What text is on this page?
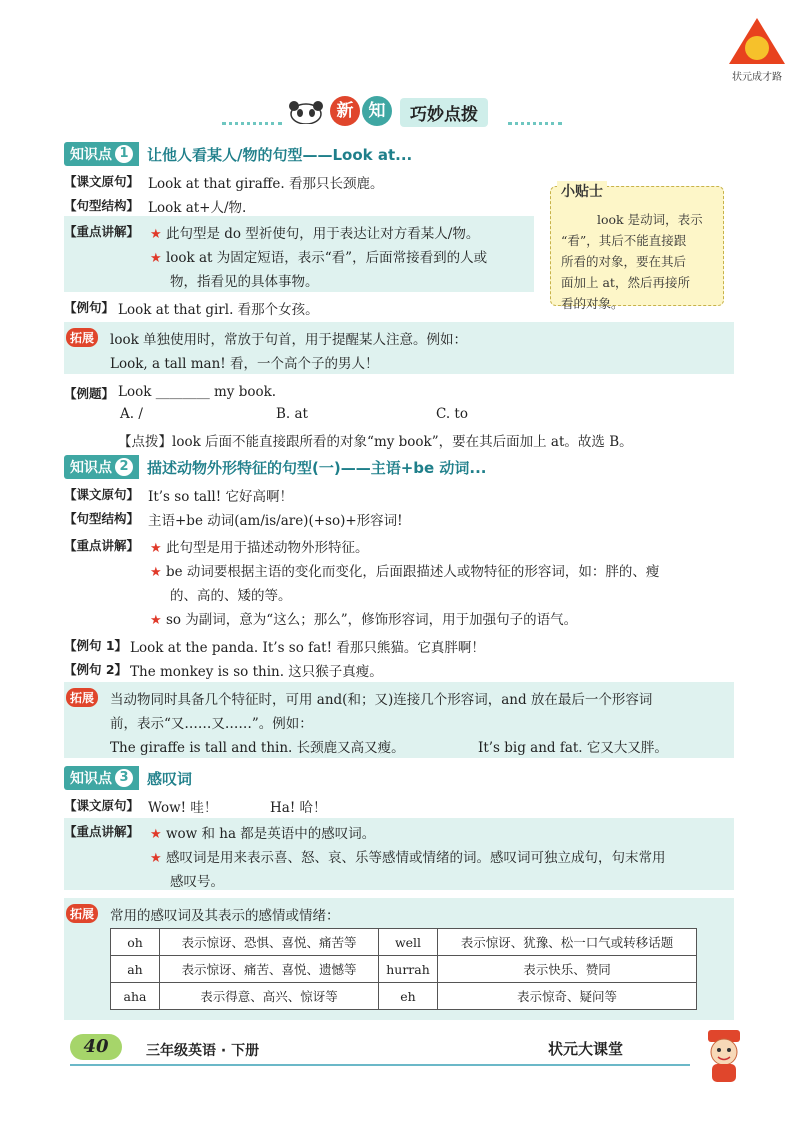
状元成才路
新 知	巧妙点拨
知识点 1 让他人看某人/物的句型——Look at...
【课文原句】 Look at that giraffe. 看那只长颈鹿。
【句型结构】 Look at+人/物.
【重点讲解】 ★ 此句型是 do 型祈使句，用于表达让对方看某人/物。
★ look at 为固定短语，表示“看”，后面常接看到的人或
物，指看见的具体事物。
【例句】 Look at that girl. 看那个女孩。
小贴士
look 是动词，表示
“看”，其后不能直接跟
所看的对象，要在其后
面加上 at，然后再接所
看的对象。
拓展 look 单独使用时，常放于句首，用于提醒某人注意。例如：
Look, a tall man! 看，一个高个子的男人！
【例题】 Look ________ my book.
A. /	B. at	C. to
【点拨】look 后面不能直接跟所看的对象“my book”，要在其后面加上 at。故选 B。
知识点 2 描述动物外形特征的句型(一)——主语+be 动词...
【课文原句】 It’s so tall! 它好高啊！
【句型结构】 主语+be 动词(am/is/are)(+so)+形容词!
【重点讲解】 ★ 此句型是用于描述动物外形特征。
★ be 动词要根据主语的变化而变化，后面跟描述人或物特征的形容词，如：胖的、瘦
的、高的、矮的等。
★ so 为副词，意为“这么；那么”，修饰形容词，用于加强句子的语气。
【例句 1】 Look at the panda. It’s so fat! 看那只熊猫。它真胖啊！
【例句 2】 The monkey is so thin. 这只猴子真瘦。
拓展 当动物同时具备几个特征时，可用 and(和；又)连接几个形容词，and 放在最后一个形容词
前，表示“又……又……”。例如：
The giraffe is tall and thin. 长颈鹿又高又瘦。	It’s big and fat. 它又大又胖。
知识点 3 感叹词
【课文原句】 Wow! 哇！	Ha! 哈！
【重点讲解】 ★ wow 和 ha 都是英语中的感叹词。
★ 感叹词是用来表示喜、怒、哀、乐等感情或情绪的词。感叹词可独立成句，句末常用
感叹号。
拓展 常用的感叹词及其表示的感情或情绪：
oh	表示惊讶、恐惧、喜悦、痛苦等	well	表示惊讶、犹豫、松一口气或转移话题
ah	表示惊讶、痛苦、喜悦、遗憾等	hurrah	表示快乐、赞同
aha	表示得意、高兴、惊讶等	eh	表示惊奇、疑问等
40	三年级英语 · 下册	状元大课堂
